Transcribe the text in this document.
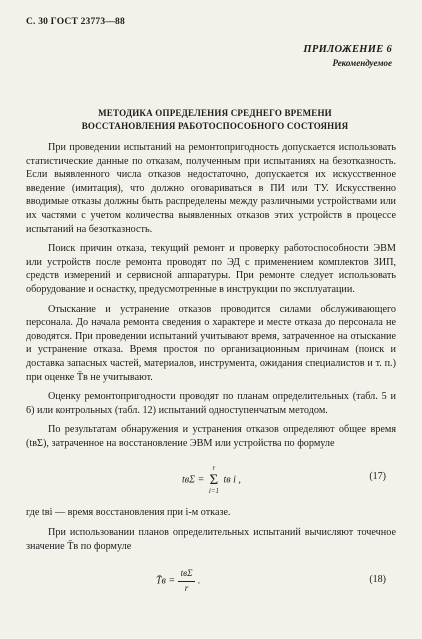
С. 30 ГОСТ 23773—88
ПРИЛОЖЕНИЕ 6
Рекомендуемое
МЕТОДИКА ОПРЕДЕЛЕНИЯ СРЕДНЕГО ВРЕМЕНИ
ВОССТАНОВЛЕНИЯ РАБОТОСПОСОБНОГО СОСТОЯНИЯ

При проведении испытаний на ремонтопригодность допускается использовать статистические данные по отказам, полученным при испытаниях на безотказность. Если выявленного числа отказов недостаточно, допускается их искусственное введение (имитация), что должно оговариваться в ПИ или ТУ. Искусственно вводимые отказы должны быть распределены между различными устройствами или их частями с учетом количества выявленных отказов этих устройств в процессе испытаний на безотказность.

Поиск причин отказа, текущий ремонт и проверку работоспособности ЭВМ или устройств после ремонта проводят по ЭД с применением комплектов ЗИП, средств измерений и сервисной аппаратуры. При ремонте следует использовать оборудование и оснастку, предусмотренные в инструкции по эксплуатации.

Отыскание и устранение отказов проводится силами обслуживающего персонала. До начала ремонта сведения о характере и месте отказа до персонала не доводятся. При проведении испытаний учитывают время, затраченное на отыскание и устранение отказа. Время простоя по организационным причинам (поиск и доставка запасных частей, материалов, инструмента, ожидания специалистов и т. п.) при оценке T̄в не учитывают.

Оценку ремонтопригодности проводят по планам определительных (табл. 5 и 6) или контрольных (табл. 12) испытаний одноступенчатым методом.

По результатам обнаружения и устранения отказов определяют общее время (tвΣ), затраченное на восстановление ЭВМ или устройства по формуле

tвΣ =
r
Σ
i=1
tв i ,	(17)

где tвi — время восстановления при i-м отказе.

При использовании планов определительных испытаний вычисляют точечное значение T̄в по формуле

T̄в = $\frac{\text{tвΣ}}{r}$ .	(18)
